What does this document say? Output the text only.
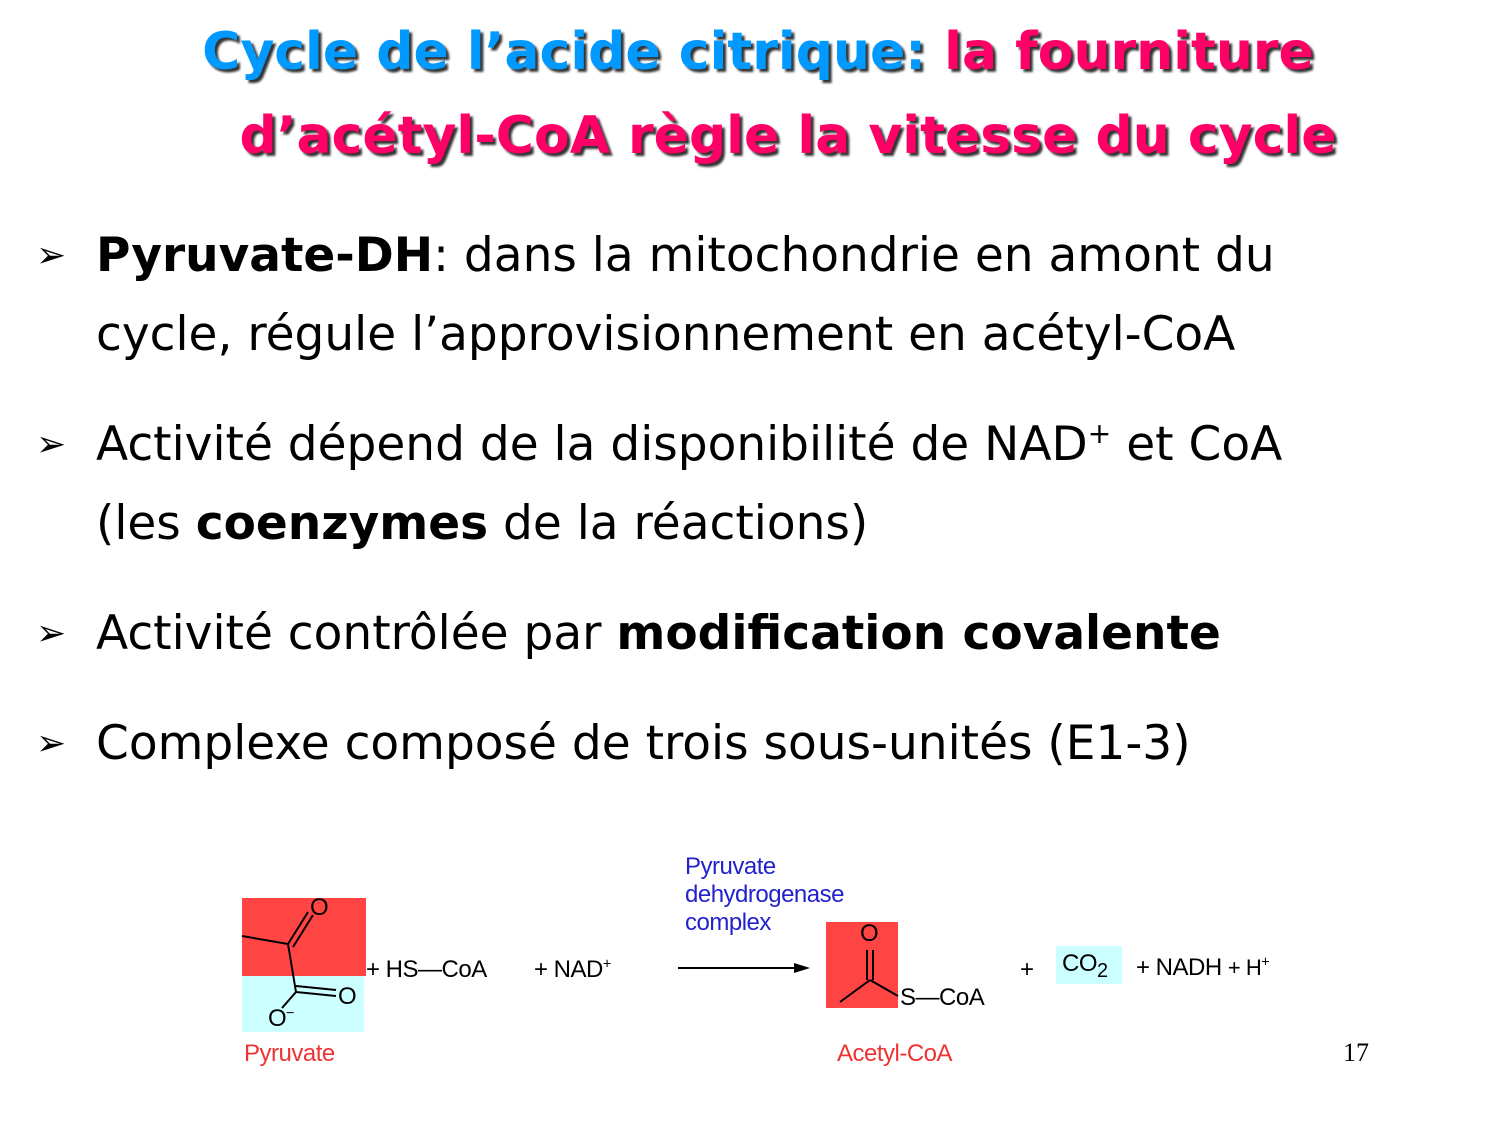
Cycle de l’acide citrique: la fourniture
d’acétyl-CoA règle la vitesse du cycle
➢ Pyruvate-DH: dans la mitochondrie en amont du
cycle, régule l’approvisionnement en acétyl-CoA
➢ Activité dépend de la disponibilité de NAD+ et CoA
(les coenzymes de la réactions)
➢ Activité contrôlée par modification covalente
➢ Complexe composé de trois sous-unités (E1-3)
O
O
O−
Pyruvate
+ HS—CoA + NAD+
Pyruvate
dehydrogenase
complex	O
S—CoA
Acetyl-CoA
+ $CO_2$ + NADH + H+
17
